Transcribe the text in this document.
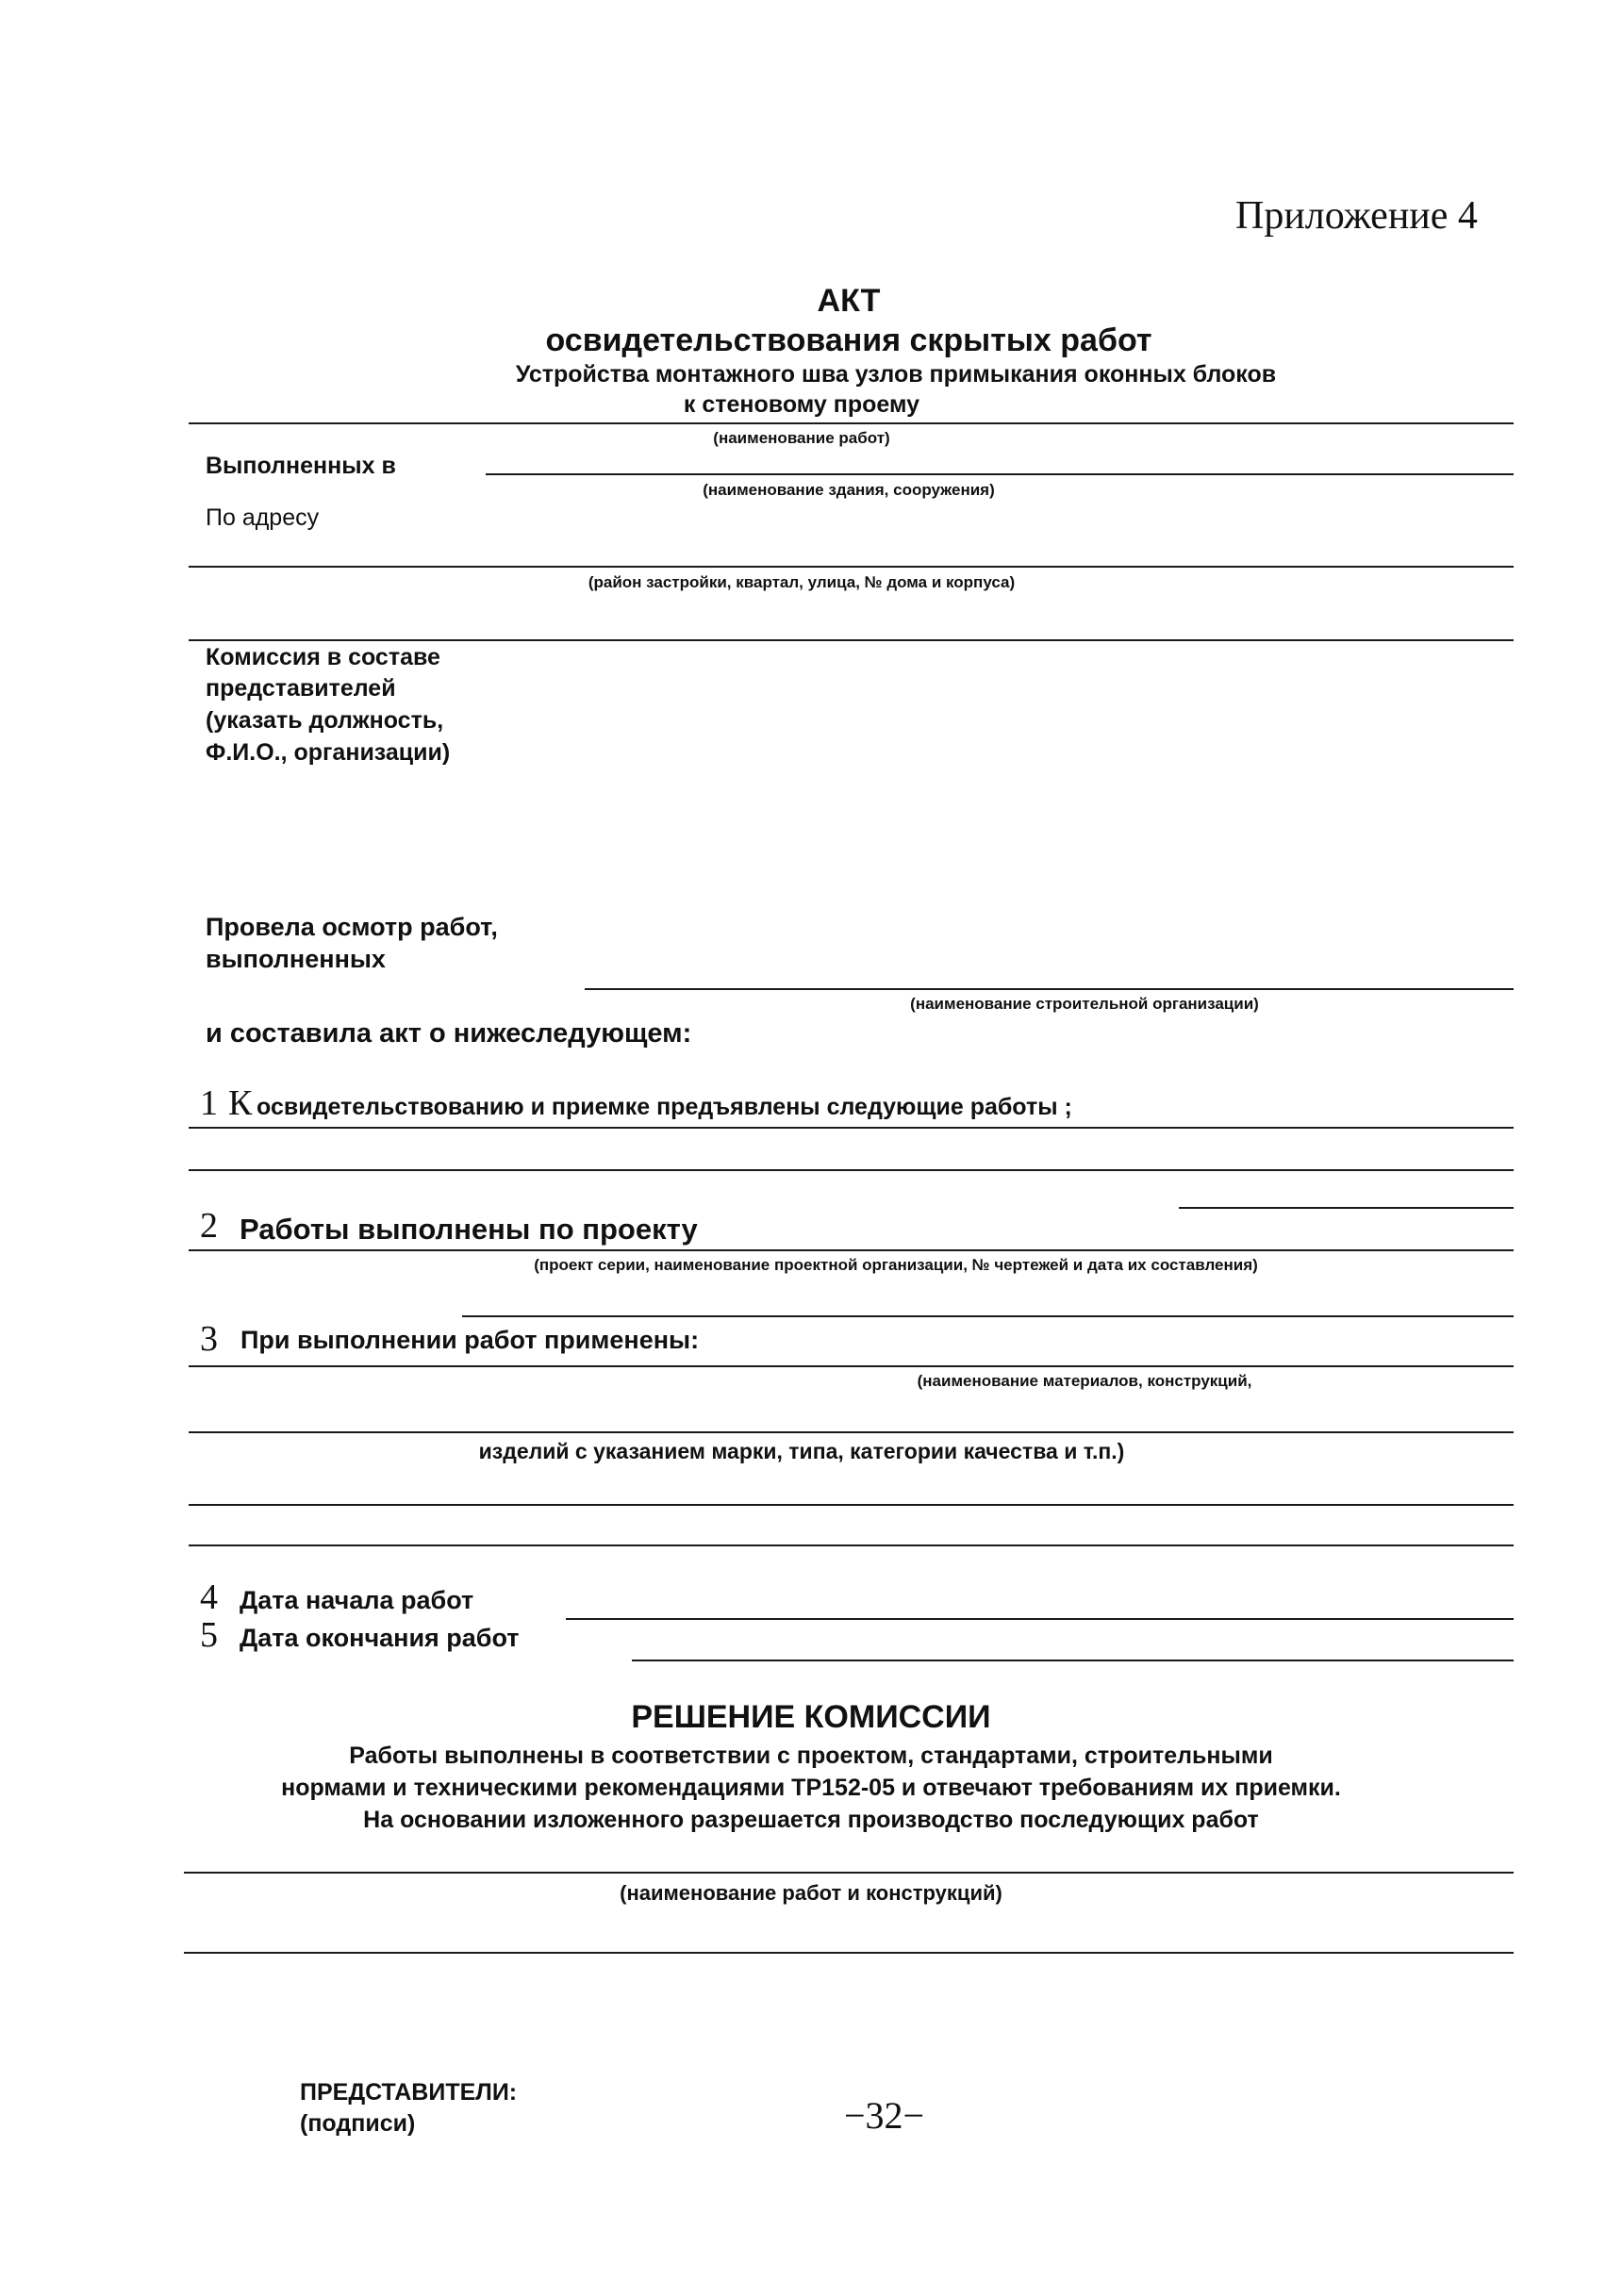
Приложение 4
АКТ
освидетельствования скрытых работ
Устройства монтажного шва узлов примыкания оконных блоков
к стеновому проему
(наименование работ)
Выполненных в
(наименование здания, сооружения)
По адресу
(район застройки, квартал, улица, № дома и корпуса)
Комиссия в составе
представителей
(указать должность,
Ф.И.О., организации)
Провела осмотр работ,
выполненных
(наименование строительной организации)
и составила акт о нижеследующем:
1 К освидетельствованию и приемке предъявлены следующие работы ;
2 Работы выполнены по проекту
(проект серии, наименование проектной организации, № чертежей и дата их составления)
3 При выполнении работ применены:
(наименование материалов, конструкций,
изделий с указанием марки, типа, категории качества и т.п.)
4 Дата начала работ
5 Дата окончания работ
РЕШЕНИЕ КОМИССИИ
Работы выполнены в соответствии с проектом, стандартами, строительными
нормами и техническими рекомендациями ТР152-05 и отвечают требованиям их приемки.
На основании изложенного разрешается производство последующих работ
(наименование работ и конструкций)
ПРЕДСТАВИТЕЛИ:
(подписи)	−32−
